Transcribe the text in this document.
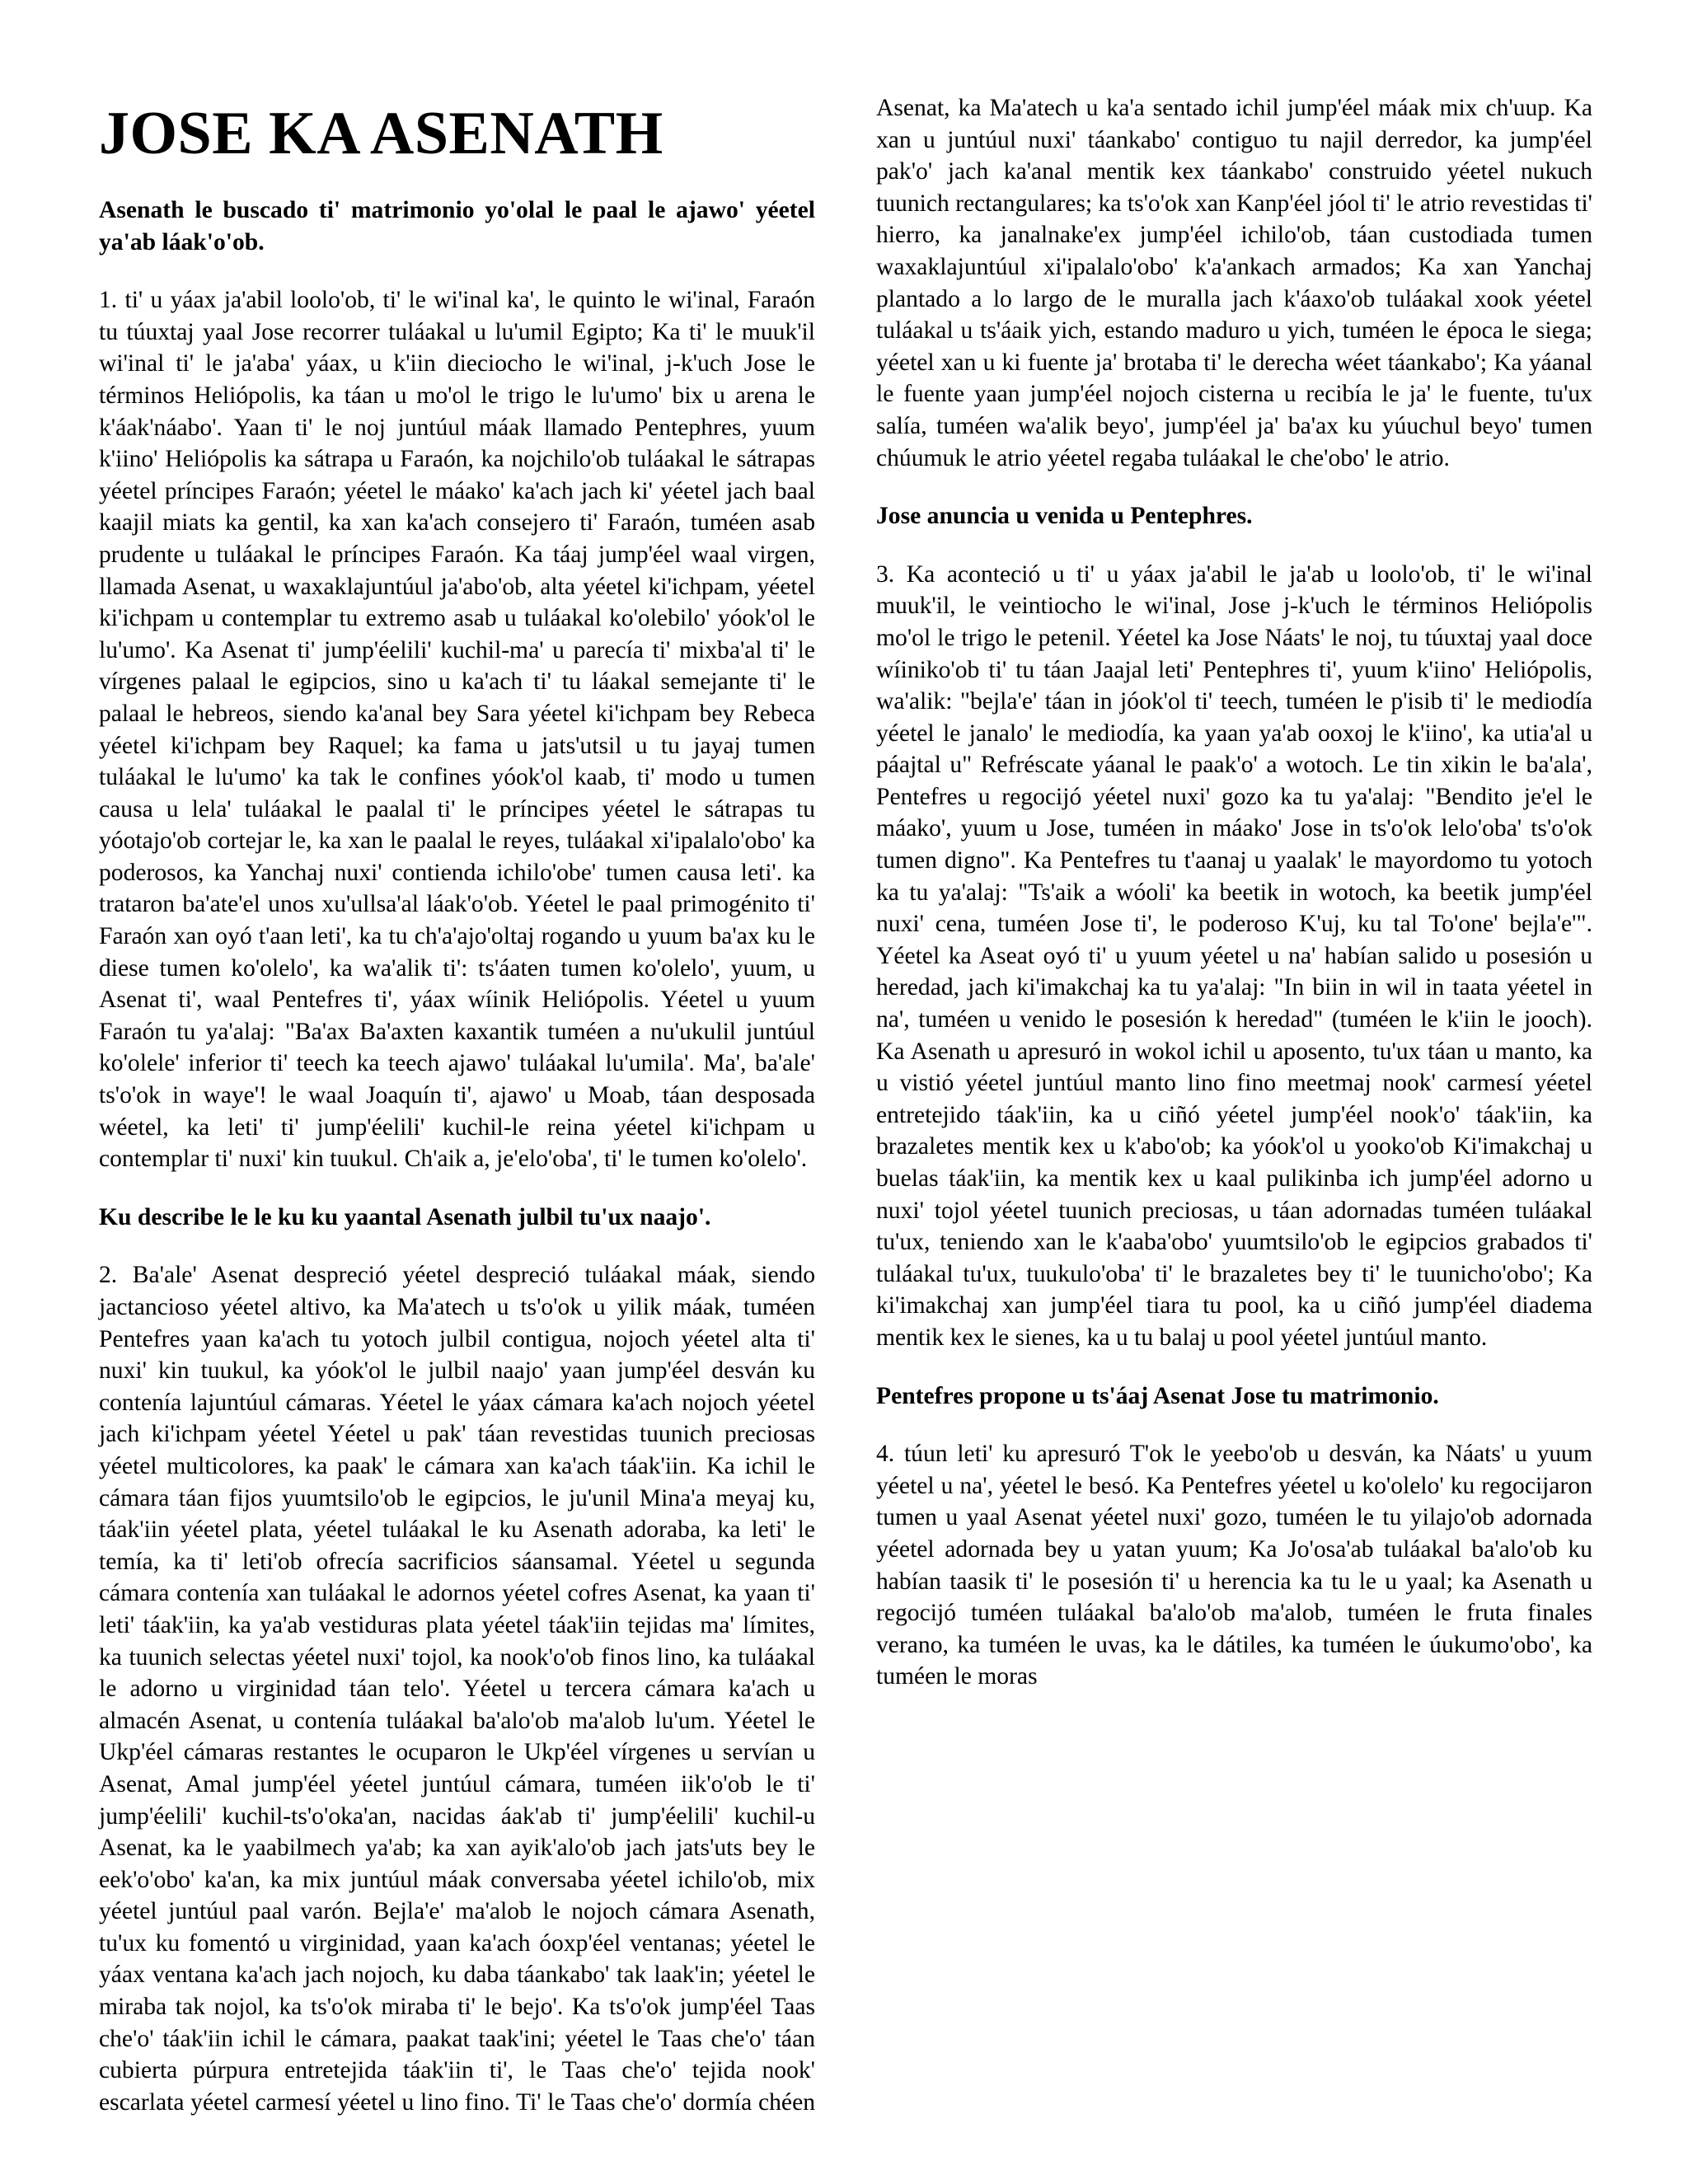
JOSE KA ASENATH

Asenath le buscado ti' matrimonio yo'olal le paal le ajawo' yéetel ya'ab láak'o'ob.

1. ti' u yáax ja'abil loolo'ob, ti' le wi'inal ka', le quinto le wi'inal, Faraón tu túuxtaj yaal Jose recorrer tuláakal u lu'umil Egipto; Ka ti' le muuk'il wi'inal ti' le ja'aba' yáax, u k'iin dieciocho le wi'inal, j-k'uch Jose le términos Heliópolis, ka táan u mo'ol le trigo le lu'umo' bix u arena le k'áak'náabo'. Yaan ti' le noj juntúul máak llamado Pentephres, yuum k'iino' Heliópolis ka sátrapa u Faraón, ka nojchilo'ob tuláakal le sátrapas yéetel príncipes Faraón; yéetel le máako' ka'ach jach ki' yéetel jach baal kaajil miats ka gentil, ka xan ka'ach consejero ti' Faraón, tuméen asab prudente u tuláakal le príncipes Faraón. Ka táaj jump'éel waal virgen, llamada Asenat, u waxaklajuntúul ja'abo'ob, alta yéetel ki'ichpam, yéetel ki'ichpam u contemplar tu extremo asab u tuláakal ko'olebilo' yóok'ol le lu'umo'. Ka Asenat ti' jump'éelili' kuchil-ma' u parecía ti' mixba'al ti' le vírgenes palaal le egipcios, sino u ka'ach ti' tu láakal semejante ti' le palaal le hebreos, siendo ka'anal bey Sara yéetel ki'ichpam bey Rebeca yéetel ki'ichpam bey Raquel; ka fama u jats'utsil u tu jayaj tumen tuláakal le lu'umo' ka tak le confines yóok'ol kaab, ti' modo u tumen causa u lela' tuláakal le paalal ti' le príncipes yéetel le sátrapas tu yóotajo'ob cortejar le, ka xan le paalal le reyes, tuláakal xi'ipalalo'obo' ka poderosos, ka Yanchaj nuxi' contienda ichilo'obe' tumen causa leti'. ka trataron ba'ate'el unos xu'ullsa'al láak'o'ob. Yéetel le paal primogénito ti' Faraón xan oyó t'aan leti', ka tu ch'a'ajo'oltaj rogando u yuum ba'ax ku le diese tumen ko'olelo', ka wa'alik ti': ts'áaten tumen ko'olelo', yuum, u Asenat ti', waal Pentefres ti', yáax wíinik Heliópolis. Yéetel u yuum Faraón tu ya'alaj: "Ba'ax Ba'axten kaxantik tuméen a nu'ukulil juntúul ko'olele' inferior ti' teech ka teech ajawo' tuláakal lu'umila'. Ma', ba'ale' ts'o'ok in waye'! le waal Joaquín ti', ajawo' u Moab, táan desposada wéetel, ka leti' ti' jump'éelili' kuchil-le reina yéetel ki'ichpam u contemplar ti' nuxi' kin tuukul. Ch'aik a, je'elo'oba', ti' le tumen ko'olelo'.

Ku describe le le ku ku yaantal Asenath julbil tu'ux naajo'.

2. Ba'ale' Asenat despreció yéetel despreció tuláakal máak, siendo jactancioso yéetel altivo, ka Ma'atech u ts'o'ok u yilik máak, tuméen Pentefres yaan ka'ach tu yotoch julbil contigua, nojoch yéetel alta ti' nuxi' kin tuukul, ka yóok'ol le julbil naajo' yaan jump'éel desván ku contenía lajuntúul cámaras. Yéetel le yáax cámara ka'ach nojoch yéetel jach ki'ichpam yéetel Yéetel u pak' táan revestidas tuunich preciosas yéetel multicolores, ka paak' le cámara xan ka'ach táak'iin. Ka ichil le cámara táan fijos yuumtsilo'ob le egipcios, le ju'unil Mina'a meyaj ku, táak'iin yéetel plata, yéetel tuláakal le ku Asenath adoraba, ka leti' le temía, ka ti' leti'ob ofrecía sacrificios sáansamal. Yéetel u segunda cámara contenía xan tuláakal le adornos yéetel cofres Asenat, ka yaan ti' leti' táak'iin, ka ya'ab vestiduras plata yéetel táak'iin tejidas ma' límites, ka tuunich selectas yéetel nuxi' tojol, ka nook'o'ob finos lino, ka tuláakal le adorno u virginidad táan telo'. Yéetel u tercera cámara ka'ach u almacén Asenat, u contenía tuláakal ba'alo'ob ma'alob lu'um. Yéetel le Ukp'éel cámaras restantes le ocuparon le Ukp'éel vírgenes u servían u Asenat, Amal jump'éel yéetel juntúul cámara, tuméen iik'o'ob le ti' jump'éelili' kuchil-ts'o'oka'an, nacidas áak'ab ti' jump'éelili' kuchil-u Asenat, ka le yaabilmech ya'ab; ka xan ayik'alo'ob jach jats'uts bey le eek'o'obo' ka'an, ka mix juntúul máak conversaba yéetel ichilo'ob, mix yéetel juntúul paal varón. Bejla'e' ma'alob le nojoch cámara Asenath, tu'ux ku fomentó u virginidad, yaan ka'ach óoxp'éel ventanas; yéetel le yáax ventana ka'ach jach nojoch, ku daba táankabo' tak laak'in; yéetel le miraba tak nojol, ka ts'o'ok miraba ti' le bejo'. Ka ts'o'ok jump'éel Taas che'o' táak'iin ichil le cámara, paakat taak'ini; yéetel le Taas che'o' táan cubierta púrpura entretejida táak'iin ti', le Taas che'o' tejida nook' escarlata yéetel carmesí yéetel u lino fino. Ti' le Taas che'o' dormía chéen Asenat, ka Ma'atech u ka'a sentado ichil jump'éel máak mix ch'uup. Ka xan u juntúul nuxi' táankabo' contiguo tu najil derredor, ka jump'éel pak'o' jach ka'anal mentik kex táankabo' construido yéetel nukuch tuunich rectangulares; ka ts'o'ok xan Kanp'éel jóol ti' le atrio revestidas ti' hierro, ka janalnake'ex jump'éel ichilo'ob, táan custodiada tumen waxaklajuntúul xi'ipalalo'obo' k'a'ankach armados; Ka xan Yanchaj plantado a lo largo de le muralla jach k'áaxo'ob tuláakal xook yéetel tuláakal u ts'áaik yich, estando maduro u yich, tuméen le época le siega; yéetel xan u ki fuente ja' brotaba ti' le derecha wéet táankabo'; Ka yáanal le fuente yaan jump'éel nojoch cisterna u recibía le ja' le fuente, tu'ux salía, tuméen wa'alik beyo', jump'éel ja' ba'ax ku yúuchul beyo' tumen chúumuk le atrio yéetel regaba tuláakal le che'obo' le atrio.

Jose anuncia u venida u Pentephres.

3. Ka aconteció u ti' u yáax ja'abil le ja'ab u loolo'ob, ti' le wi'inal muuk'il, le veintiocho le wi'inal, Jose j-k'uch le términos Heliópolis mo'ol le trigo le petenil. Yéetel ka Jose Náats' le noj, tu túuxtaj yaal doce wíiniko'ob ti' tu táan Jaajal leti' Pentephres ti', yuum k'iino' Heliópolis, wa'alik: "bejla'e' táan in jóok'ol ti' teech, tuméen le p'isib ti' le mediodía yéetel le janalo' le mediodía, ka yaan ya'ab ooxoj le k'iino', ka utia'al u páajtal u" Refréscate yáanal le paak'o' a wotoch. Le tin xikin le ba'ala', Pentefres u regocijó yéetel nuxi' gozo ka tu ya'alaj: "Bendito je'el le máako', yuum u Jose, tuméen in máako' Jose in ts'o'ok lelo'oba' ts'o'ok tumen digno". Ka Pentefres tu t'aanaj u yaalak' le mayordomo tu yotoch ka tu ya'alaj: "Ts'aik a wóoli' ka beetik in wotoch, ka beetik jump'éel nuxi' cena, tuméen Jose ti', le poderoso K'uj, ku tal To'one' bejla'e'". Yéetel ka Aseat oyó ti' u yuum yéetel u na' habían salido u posesión u heredad, jach ki'imakchaj ka tu ya'alaj: "In biin in wil in taata yéetel in na', tuméen u venido le posesión k heredad" (tuméen le k'iin le jooch). Ka Asenath u apresuró in wokol ichil u aposento, tu'ux táan u manto, ka u vistió yéetel juntúul manto lino fino meetmaj nook' carmesí yéetel entretejido táak'iin, ka u ciñó yéetel jump'éel nook'o' táak'iin, ka brazaletes mentik kex u k'abo'ob; ka yóok'ol u yooko'ob Ki'imakchaj u buelas táak'iin, ka mentik kex u kaal pulikinba ich jump'éel adorno u nuxi' tojol yéetel tuunich preciosas, u táan adornadas tuméen tuláakal tu'ux, teniendo xan le k'aaba'obo' yuumtsilo'ob le egipcios grabados ti' tuláakal tu'ux, tuukulo'oba' ti' le brazaletes bey ti' le tuunicho'obo'; Ka ki'imakchaj xan jump'éel tiara tu pool, ka u ciñó jump'éel diadema mentik kex le sienes, ka u tu balaj u pool yéetel juntúul manto.

Pentefres propone u ts'áaj Asenat Jose tu matrimonio.

4. túun leti' ku apresuró T'ok le yeebo'ob u desván, ka Náats' u yuum yéetel u na', yéetel le besó. Ka Pentefres yéetel u ko'olelo' ku regocijaron tumen u yaal Asenat yéetel nuxi' gozo, tuméen le tu yilajo'ob adornada yéetel adornada bey u yatan yuum; Ka Jo'osa'ab tuláakal ba'alo'ob ku habían taasik ti' le posesión ti' u herencia ka tu le u yaal; ka Asenath u regocijó tuméen tuláakal ba'alo'ob ma'alob, tuméen le fruta finales verano, ka tuméen le uvas, ka le dátiles, ka tuméen le úukumo'obo', ka tuméen le moras
